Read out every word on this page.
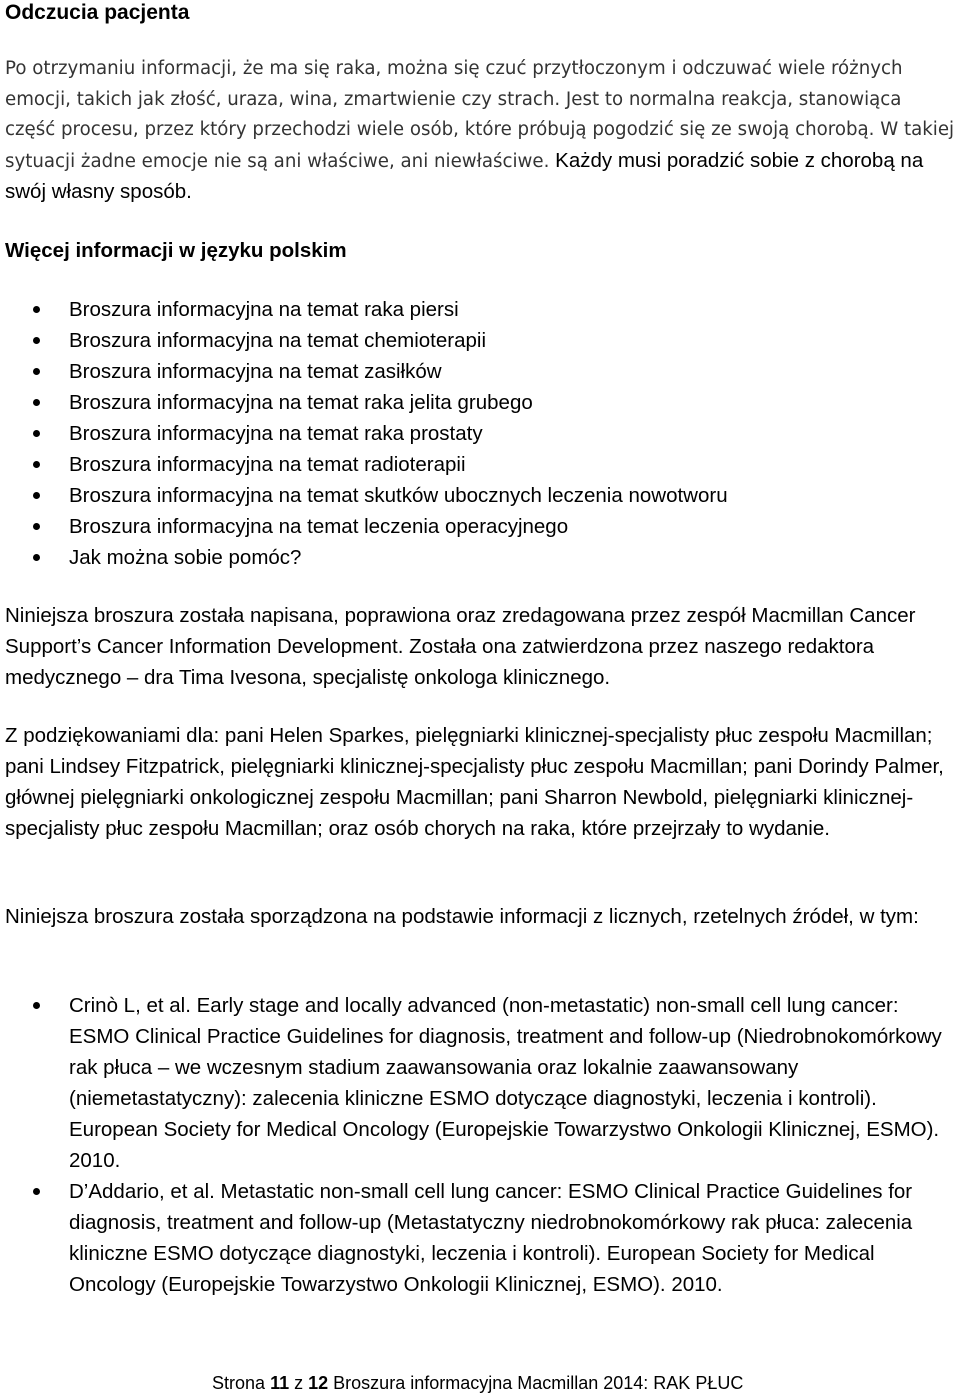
Odczucia pacjenta

Po otrzymaniu informacji, że ma się raka, można się czuć przytłoczonym i odczuwać wiele różnych emocji, takich jak złość, uraza, wina, zmartwienie czy strach. Jest to normalna reakcja, stanowiąca część procesu, przez który przechodzi wiele osób, które próbują pogodzić się ze swoją chorobą. W takiej sytuacji żadne emocje nie są ani właściwe, ani niewłaściwe. Każdy musi poradzić sobie z chorobą na swój własny sposób.

Więcej informacji w języku polskim
Broszura informacyjna na temat raka piersi
Broszura informacyjna na temat chemioterapii
Broszura informacyjna na temat zasiłków
Broszura informacyjna na temat raka jelita grubego
Broszura informacyjna na temat raka prostaty
Broszura informacyjna na temat radioterapii
Broszura informacyjna na temat skutków ubocznych leczenia nowotworu
Broszura informacyjna na temat leczenia operacyjnego
Jak można sobie pomóc?

Niniejsza broszura została napisana, poprawiona oraz zredagowana przez zespół Macmillan Cancer Support’s Cancer Information Development. Została ona zatwierdzona przez naszego redaktora medycznego – dra Tima Ivesona, specjalistę onkologa klinicznego.

Z podziękowaniami dla: pani Helen Sparkes, pielęgniarki klinicznej-specjalisty płuc zespołu Macmillan; pani Lindsey Fitzpatrick, pielęgniarki klinicznej-specjalisty płuc zespołu Macmillan; pani Dorindy Palmer, głównej pielęgniarki onkologicznej zespołu Macmillan; pani Sharron Newbold, pielęgniarki klinicznej-specjalisty płuc zespołu Macmillan; oraz osób chorych na raka, które przejrzały to wydanie.

Niniejsza broszura została sporządzona na podstawie informacji z licznych, rzetelnych źródeł, w tym:

Crinò L, et al. Early stage and locally advanced (non-metastatic) non-small cell lung cancer: ESMO Clinical Practice Guidelines for diagnosis, treatment and follow-up (Niedrobnokomórkowy rak płuca – we wczesnym stadium zaawansowania oraz lokalnie zaawansowany (niemetastatyczny): zalecenia kliniczne ESMO dotyczące diagnostyki, leczenia i kontroli). European Society for Medical Oncology (Europejskie Towarzystwo Onkologii Klinicznej, ESMO). 2010.
D’Addario, et al. Metastatic non-small cell lung cancer: ESMO Clinical Practice Guidelines for diagnosis, treatment and follow-up (Metastatyczny niedrobnokomórkowy rak płuca: zalecenia kliniczne ESMO dotyczące diagnostyki, leczenia i kontroli). European Society for Medical Oncology (Europejskie Towarzystwo Onkologii Klinicznej, ESMO). 2010.
Strona 11 z 12 Broszura informacyjna Macmillan 2014: RAK PŁUC
